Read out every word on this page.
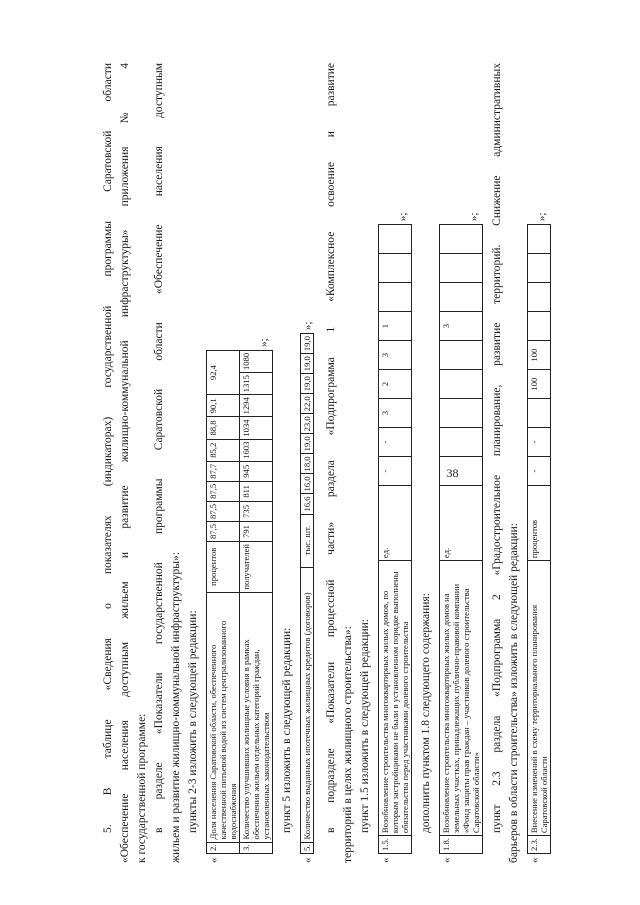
38

5. В таблице «Сведения о показателях (индикаторах) государственной программы Саратовской области «Обеспечение населения доступным жильем и развитие жилищно-коммунальной инфраструктуры» приложения № 4 к государственной программе: в разделе «Показатели государственной программы Саратовской области «Обеспечение населения доступным жильем и развитие жилищно-коммунальной инфраструктуры»: пункты 2-3 изложить в следующей редакции:

«
2.	Доля населения Саратовской области, обеспеченного качественной питьевой водой из систем централизованного водоснабжения	процентов	87,5	87,5	87,5	87,7	85,2	88,8	90,1	92,4	
3.	Количество улучшивших жилищные условия в рамках обеспечения жильем отдельных категорий граждан, установленных законодательством	получателей	791	735	811	945	1603	1034	1294	1315	1080
»;

пункт 5 изложить в следующей редакции:

«
5.	Количество выданных ипотечных жилищных кредитов (договоров)	тыс. шт.	16,6	16,0	18,0	19,0	23,0	22,0	19,0	19,0	19,0
»; в подразделе «Показатели процессной части» раздела «Подпрограмма 1 «Комплексное освоение и развитие территорий в целях жилищного строительства»: пункт 1.5 изложить в следующей редакции:

«
1.5.	Возобновление строительства многоквартирных жилых домов, по которым застройщиками не были в установленном порядке выполнены обязательства перед участниками долевого строительства	ед.	-	-	3	2	3	1			
»;

дополнить пунктом 1.8 следующего содержания:

«
1.8.	Возобновление строительства многоквартирных жилых домов на земельных участках, принадлежащих публично-правовой компании «Фонд защиты прав граждан – участников долевого строительства Саратовской области»	ед.						3			
»; пункт 2.3 раздела «Подпрограмма 2 «Градостроительное планирование, развитие территорий. Снижение административных барьеров в области строительства» изложить в следующей редакции: «
2.3.	Внесение изменений в схему территориального планирования Саратовской области	процентов	-	-		100	100				
»;
